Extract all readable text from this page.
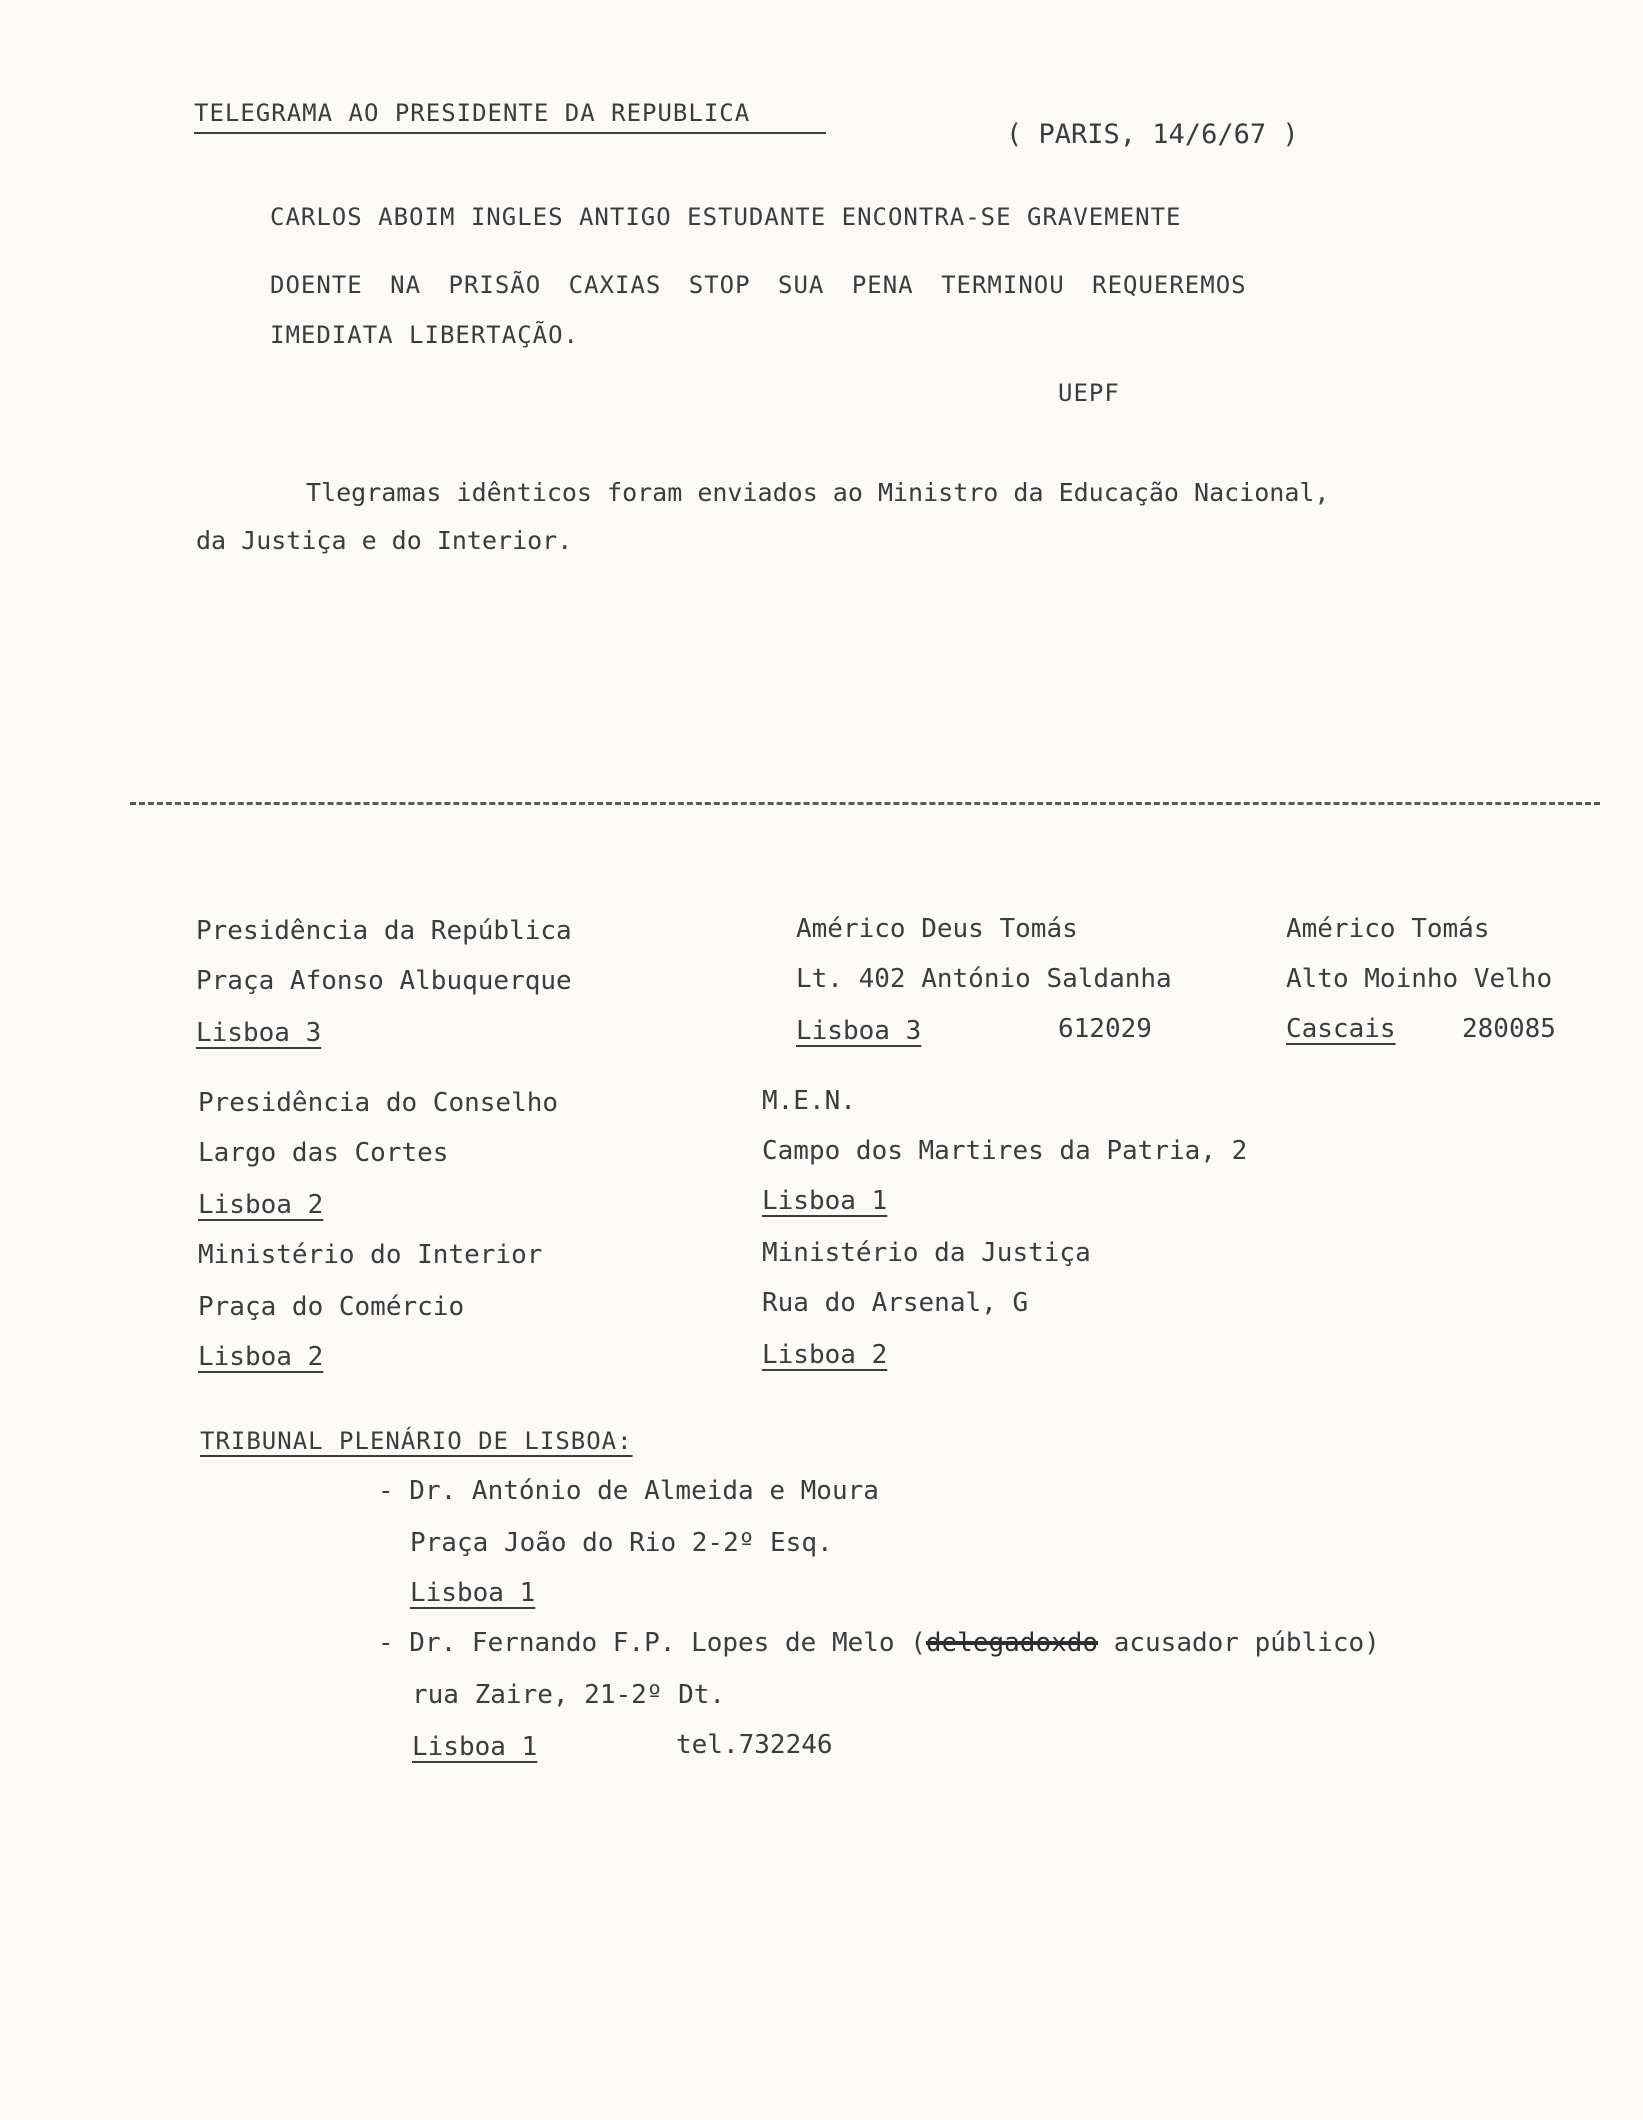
TELEGRAMA AO PRESIDENTE DA REPUBLICA
( PARIS, 14/6/67 )
CARLOS ABOIM INGLES ANTIGO ESTUDANTE ENCONTRA-SE GRAVEMENTE
DOENTE NA PRISÃO CAXIAS STOP SUA PENA TERMINOU REQUEREMOS
IMEDIATA LIBERTAÇÃO.
UEPF
Tlegramas idênticos foram enviados ao Ministro da Educação Nacional,
da Justiça e do Interior.
Presidência da República
Praça Afonso Albuquerque
Lisboa 3
Américo Deus Tomás
Lt. 402 António Saldanha
Lisboa 3	612029
Américo Tomás
Alto Moinho Velho
Cascais	280085
Presidência do Conselho
Largo das Cortes
Lisboa 2
M.E.N.
Campo dos Martires da Patria, 2
Lisboa 1
Ministério do Interior
Praça do Comércio
Lisboa 2
Ministério da Justiça
Rua do Arsenal, G
Lisboa 2
TRIBUNAL PLENÁRIO DE LISBOA:
- Dr. António de Almeida e Moura
Praça João do Rio 2-2º Esq.
Lisboa 1
- Dr. Fernando F.P. Lopes de Melo (delegadoxdo acusador público)
rua Zaire, 21-2º Dt.
Lisboa 1	tel.732246
